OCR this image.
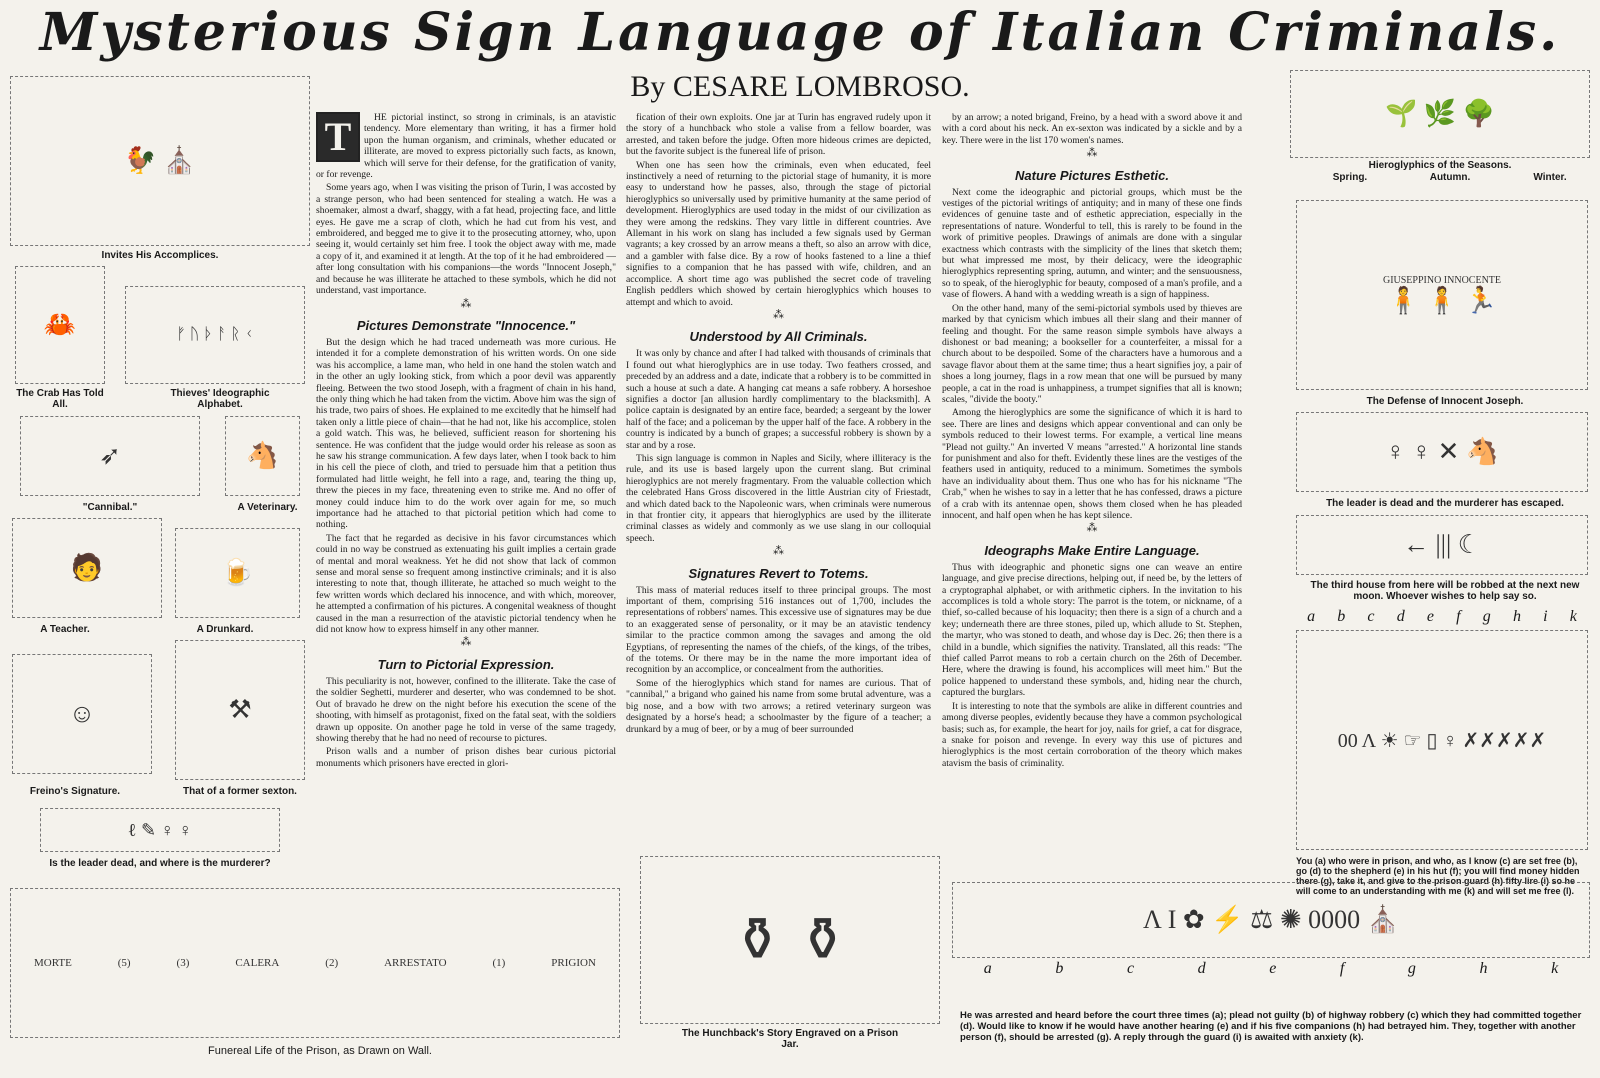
Mysterious Sign Language of Italian Criminals.
By CESARE LOMBROSO.
🐓 ⛪
Invites His Accomplices.
🦀
The Crab Has Told All.
ᚠ ᚢ ᚦ ᚨ ᚱ ᚲ
Thieves' Ideographic Alphabet.
➶
"Cannibal."
🐴
A Veterinary.
🧑
A Teacher.
🍺
A Drunkard.
☺
Freino's Signature.
⚒
That of a former sexton.
ℓ ✎ ♀ ♀
Is the leader dead, and where is the murderer?
T	HE pictorial instinct, so strong in criminals, is an atavistic tendency. More elementary than writing, it has a firmer hold upon the human organism, and criminals, whether educated or illiterate, are moved to express pictorially such facts, as known, which will serve for their defense, for the gratification of vanity, or for revenge.

Some years ago, when I was visiting the prison of Turin, I was accosted by a strange person, who had been sentenced for stealing a watch. He was a shoemaker, almost a dwarf, shaggy, with a fat head, projecting face, and little eyes. He gave me a scrap of cloth, which he had cut from his vest, and embroidered, and begged me to give it to the prosecuting attorney, who, upon seeing it, would certainly set him free. I took the object away with me, made a copy of it, and examined it at length. At the top of it he had embroidered —after long consultation with his companions—the words "Innocent Joseph," and because he was illiterate he attached to these symbols, which he did not understand, vast importance.

⁂
Pictures Demonstrate "Innocence."

But the design which he had traced underneath was more curious. He intended it for a complete demonstration of his written words. On one side was his accomplice, a lame man, who held in one hand the stolen watch and in the other an ugly looking stick, from which a poor devil was apparently fleeing. Between the two stood Joseph, with a fragment of chain in his hand, the only thing which he had taken from the victim. Above him was the sign of his trade, two pairs of shoes. He explained to me excitedly that he himself had taken only a little piece of chain—that he had not, like his accomplice, stolen a gold watch. This was, he believed, sufficient reason for shortening his sentence. He was confident that the judge would order his release as soon as he saw his strange communication. A few days later, when I took back to him in his cell the piece of cloth, and tried to persuade him that a petition thus formulated had little weight, he fell into a rage, and, tearing the thing up, threw the pieces in my face, threatening even to strike me. And no offer of money could induce him to do the work over again for me, so much importance had he attached to that pictorial petition which had come to nothing.

The fact that he regarded as decisive in his favor circumstances which could in no way be construed as extenuating his guilt implies a certain grade of mental and moral weakness. Yet he did not show that lack of common sense and moral sense so frequent among instinctive criminals; and it is also interesting to note that, though illiterate, he attached so much weight to the few written words which declared his innocence, and with which, moreover, he attempted a confirmation of his pictures. A congenital weakness of thought caused in the man a resurrection of the atavistic pictorial tendency when he did not know how to express himself in any other manner.

⁂
Turn to Pictorial Expression.

This peculiarity is not, however, confined to the illiterate. Take the case of the soldier Seghetti, murderer and deserter, who was condemned to be shot. Out of bravado he drew on the night before his execution the scene of the shooting, with himself as protagonist, fixed on the fatal seat, with the soldiers drawn up opposite. On another page he told in verse of the same tragedy, showing thereby that he had no need of recourse to pictures.

Prison walls and a number of prison dishes bear curious pictorial monuments which prisoners have erected in glori-

fication of their own exploits. One jar at Turin has engraved rudely upon it the story of a hunchback who stole a valise from a fellow boarder, was arrested, and taken before the judge. Often more hideous crimes are depicted, but the favorite subject is the funereal life of prison.

When one has seen how the criminals, even when educated, feel instinctively a need of returning to the pictorial stage of humanity, it is more easy to understand how he passes, also, through the stage of pictorial hieroglyphics so universally used by primitive humanity at the same period of development. Hieroglyphics are used today in the midst of our civilization as they were among the redskins. They vary little in different countries. Ave Allemant in his work on slang has included a few signals used by German vagrants; a key crossed by an arrow means a theft, so also an arrow with dice, and a gambler with false dice. By a row of hooks fastened to a line a thief signifies to a companion that he has passed with wife, children, and an accomplice. A short time ago was published the secret code of traveling English peddlers which showed by certain hieroglyphics which houses to attempt and which to avoid.

⁂
Understood by All Criminals.

It was only by chance and after I had talked with thousands of criminals that I found out what hieroglyphics are in use today. Two feathers crossed, and preceded by an address and a date, indicate that a robbery is to be committed in such a house at such a date. A hanging cat means a safe robbery. A horseshoe signifies a doctor [an allusion hardly complimentary to the blacksmith]. A police captain is designated by an entire face, bearded; a sergeant by the lower half of the face; and a policeman by the upper half of the face. A robbery in the country is indicated by a bunch of grapes; a successful robbery is shown by a star and by a rose.

This sign language is common in Naples and Sicily, where illiteracy is the rule, and its use is based largely upon the current slang. But criminal hieroglyphics are not merely fragmentary. From the valuable collection which the celebrated Hans Gross discovered in the little Austrian city of Friestadt, and which dated back to the Napoleonic wars, when criminals were numerous in that frontier city, it appears that hieroglyphics are used by the illiterate criminal classes as widely and commonly as we use slang in our colloquial speech.

⁂
Signatures Revert to Totems.

This mass of material reduces itself to three principal groups. The most important of them, comprising 516 instances out of 1,700, includes the representations of robbers' names. This excessive use of signatures may be due to an exaggerated sense of personality, or it may be an atavistic tendency similar to the practice common among the savages and among the old Egyptians, of representing the names of the chiefs, of the kings, of the tribes, of the totems. Or there may be in the name the more important idea of recognition by an accomplice, or concealment from the authorities.

Some of the hieroglyphics which stand for names are curious. That of "cannibal," a brigand who gained his name from some brutal adventure, was a big nose, and a bow with two arrows; a retired veterinary surgeon was designated by a horse's head; a schoolmaster by the figure of a teacher; a drunkard by a mug of beer, or by a mug of beer surrounded

by an arrow; a noted brigand, Freino, by a head with a sword above it and with a cord about his neck. An ex-sexton was indicated by a sickle and by a key. There were in the list 170 women's names.

⁂
Nature Pictures Esthetic.

Next come the ideographic and pictorial groups, which must be the vestiges of the pictorial writings of antiquity; and in many of these one finds evidences of genuine taste and of esthetic appreciation, especially in the representations of nature. Wonderful to tell, this is rarely to be found in the work of primitive peoples. Drawings of animals are done with a singular exactness which contrasts with the simplicity of the lines that sketch them; but what impressed me most, by their delicacy, were the ideographic hieroglyphics representing spring, autumn, and winter; and the sensuousness, so to speak, of the hieroglyphic for beauty, composed of a man's profile, and a vase of flowers. A hand with a wedding wreath is a sign of happiness.

On the other hand, many of the semi-pictorial symbols used by thieves are marked by that cynicism which imbues all their slang and their manner of feeling and thought. For the same reason simple symbols have always a dishonest or bad meaning; a bookseller for a counterfeiter, a missal for a church about to be despoiled. Some of the characters have a humorous and a savage flavor about them at the same time; thus a heart signifies joy, a pair of shoes a long journey, flags in a row mean that one will be pursued by many people, a cat in the road is unhappiness, a trumpet signifies that all is known; scales, "divide the booty."

Among the hieroglyphics are some the significance of which it is hard to see. There are lines and designs which appear conventional and can only be symbols reduced to their lowest terms. For example, a vertical line means "Plead not guilty." An inverted V means "arrested." A horizontal line stands for punishment and also for theft. Evidently these lines are the vestiges of the feathers used in antiquity, reduced to a minimum. Sometimes the symbols have an individuality about them. Thus one who has for his nickname "The Crab," when he wishes to say in a letter that he has confessed, draws a picture of a crab with its antennae open, shows them closed when he has pleaded innocent, and half open when he has kept silence.

⁂
Ideographs Make Entire Language.

Thus with ideographic and phonetic signs one can weave an entire language, and give precise directions, helping out, if need be, by the letters of a cryptographal alphabet, or with arithmetic ciphers. In the invitation to his accomplices is told a whole story: The parrot is the totem, or nickname, of a thief, so-called because of his loquacity; then there is a sign of a church and a key; underneath there are three stones, piled up, which allude to St. Stephen, the martyr, who was stoned to death, and whose day is Dec. 26; then there is a child in a bundle, which signifies the nativity. Translated, all this reads: "The thief called Parrot means to rob a certain church on the 26th of December. Here, where the drawing is found, his accomplices will meet him." But the police happened to understand these symbols, and, hiding near the church, captured the burglars.

It is interesting to note that the symbols are alike in different countries and among diverse peoples, evidently because they have a common psychological basis; such as, for example, the heart for joy, nails for grief, a cat for disgrace, a snake for poison and revenge. In every way this use of pictures and hieroglyphics is the most certain corroboration of the theory which makes atavism the basis of criminality.

🌱 🌿 🌳
Hieroglyphics of the Seasons.
Spring.	Autumn.	Winter.
GIUSEPPINO INNOCENTE
🧍 🧍 🏃
The Defense of Innocent Joseph.
♀ ♀ ✕ 🐴
The leader is dead and the murderer has escaped.
← ||| ☾
The third house from here will be robbed at the next new moon. Whoever wishes to help say so.
a b c d e f g h i k
00 Λ ☀ ☞ ▯ ♀ ✗✗✗✗✗
You (a) who were in prison, and who, as I know (c) are set free (b), go (d) to the shepherd (e) in his hut (f); you will find money hidden there (g), take it, and give to the prison guard (h) fifty lire (i) so he will come to an understanding with me (k) and will set me free (l).
MORTE	(5)	(3)	CALERA	(2)	ARRESTATO	(1)	PRIGION
Funereal Life of the Prison, as Drawn on Wall.
⚱ ⚱
The Hunchback's Story Engraved on a Prison Jar.
Λ I ✿ ⚡ ⚖ ✺ 0000 ⛪
a	b	c	d	e	f	g	h	k
He was arrested and heard before the court three times (a); plead not guilty (b) of highway robbery (c) which they had committed together (d). Would like to know if he would have another hearing (e) and if his five companions (h) had betrayed him. They, together with another person (f), should be arrested (g). A reply through the guard (i) is awaited with anxiety (k).
